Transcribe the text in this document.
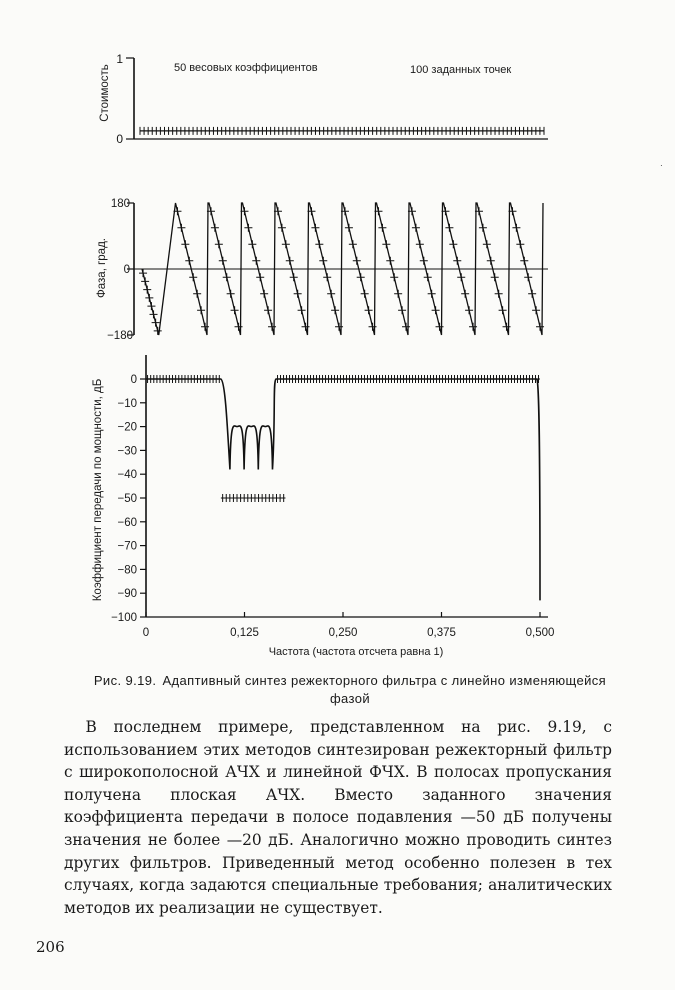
1
0
Стоимость	50 весовых коэффициентов	100 заданных точек
180
0
−180
Фаза, град.
0
−10
−20
−30
−40
−50
−60
−70
−80
−90
−100
0	0,125	0,250	0,375	0,500
Коэффициент передачи по мощности, дБ
Частота (частота отсчета равна 1)
·
Рис. 9.19. Адаптивный синтез режекторного фильтра с линейно изменяющейся фазой

В последнем примере, представленном на рис. 9.19, с использованием этих методов синтезирован режекторный фильтр с широкополосной АЧХ и линейной ФЧХ. В полосах пропускания получена плоская АЧХ. Вместо заданного значения коэффициента передачи в полосе подавления —50 дБ получены значения не более —20 дБ. Аналогично можно проводить синтез других фильтров. Приведенный метод особенно полезен в тех случаях, когда задаются специальные требования; аналитических методов их реализации не существует.

206
